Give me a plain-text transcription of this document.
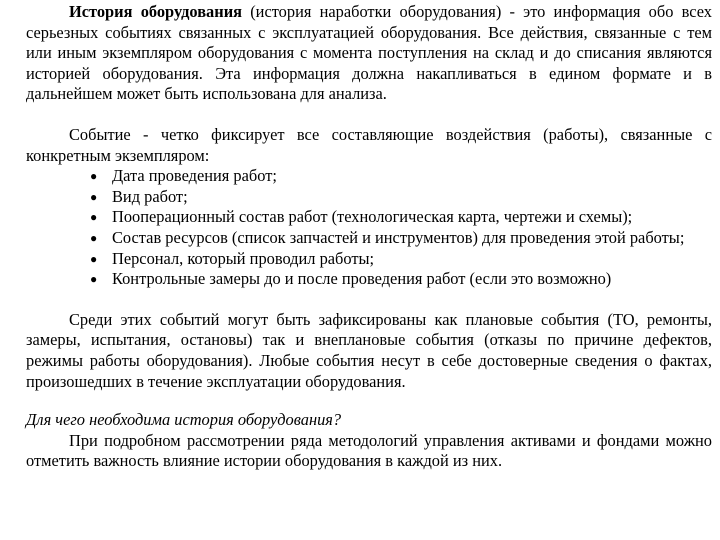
История оборудования (история наработки оборудования) - это информация обо всех серьезных событиях связанных с эксплуатацией оборудования. Все действия, связанные с тем или иным экземпляром оборудования с момента поступления на склад и до списания являются историей оборудования. Эта информация должна накапливаться в едином формате и в дальнейшем может быть использована для анализа.

Событие - четко фиксирует все составляющие воздействия (работы), связанные с конкретным экземпляром:

● Дата проведения работ;
● Вид работ;
● Пооперационный состав работ (технологическая карта, чертежи и схемы);
● Состав ресурсов (список запчастей и инструментов) для проведения этой работы;
● Персонал, который проводил работы;
● Контрольные замеры до и после проведения работ (если это возможно)

Среди этих событий могут быть зафиксированы как плановые события (ТО, ремонты, замеры, испытания, остановы) так и внеплановые события (отказы по причине дефектов, режимы работы оборудования). Любые события несут в себе достоверные сведения о фактах, произошедших в течение эксплуатации оборудования.

Для чего необходима история оборудования?

При подробном рассмотрении ряда методологий управления активами и фондами можно отметить важность влияние истории оборудования в каждой из них.
